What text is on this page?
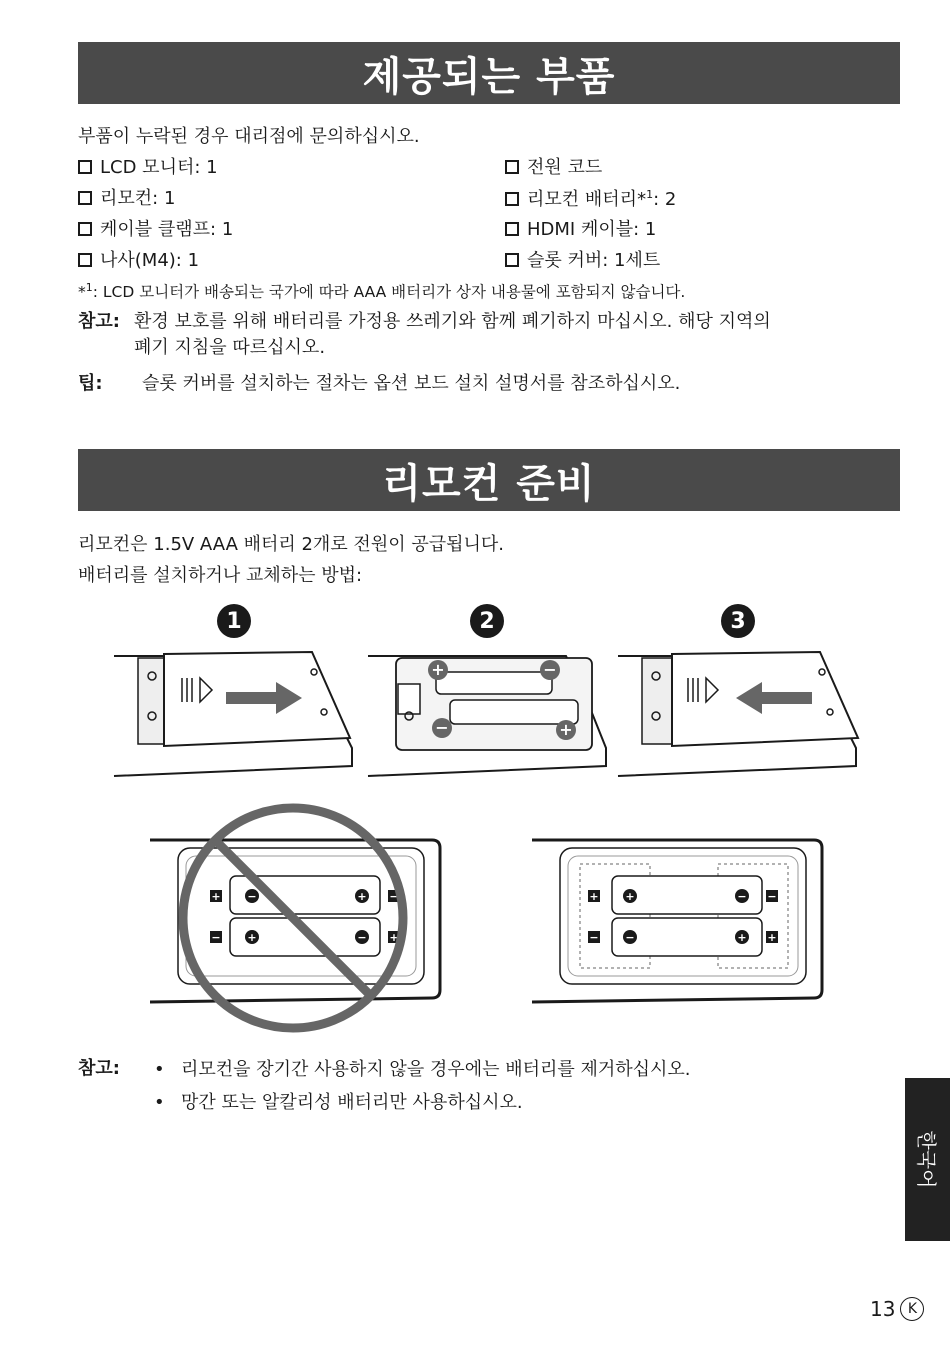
제공되는 부품
부품이 누락된 경우 대리점에 문의하십시오.
LCD 모니터: 1
리모컨: 1
케이블 클램프: 1
나사(M4): 1
전원 코드
리모컨 배터리*$^1$: 2
HDMI 케이블: 1
슬롯 커버: 1세트
*$^1$: LCD 모니터가 배송되는 국가에 따라 AAA 배터리가 상자 내용물에 포함되지 않습니다.
참고: 환경 보호를 위해 배터리를 가정용 쓰레기와 함께 폐기하지 마십시오. 해당 지역의
폐기 지침을 따르십시오.
팁: 슬롯 커버를 설치하는 절차는 옵션 보드 설치 설명서를 참조하십시오.
리모컨 준비
리모컨은 1.5V AAA 배터리 2개로 전원이 공급됩니다.
배터리를 설치하거나 교체하는 방법:
1	2	3
+	−
−	+
+	−
−	+
−	+
+	−
+	−
−	+
+	−
−	+
참고: • 리모컨을 장기간 사용하지 않을 경우에는 배터리를 제거하십시오.
• 망간 또는 알칼리성 배터리만 사용하십시오.
한국어
13 K
